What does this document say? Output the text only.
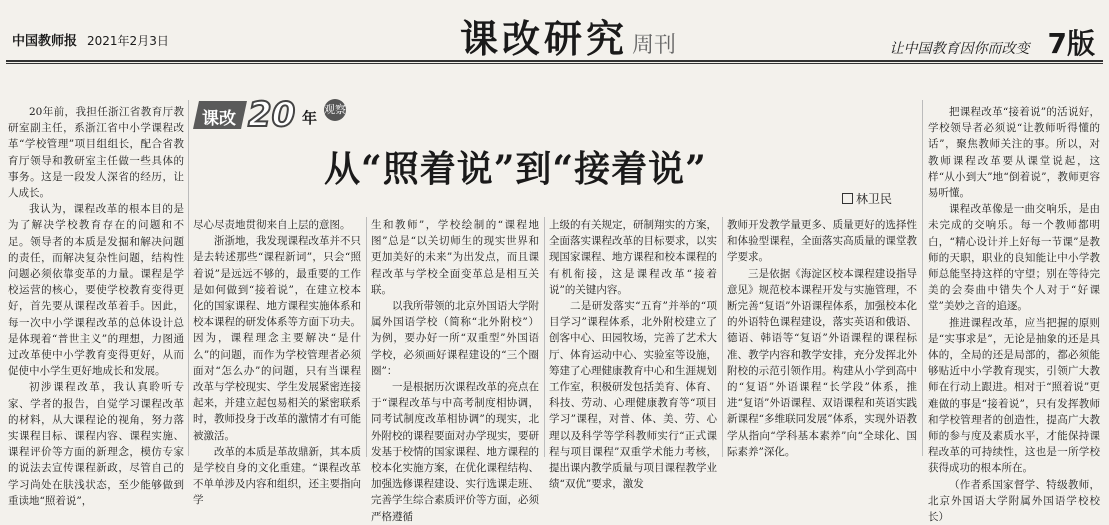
中国教师报 2021年2月3日	课改研究 周刊	让中国教育因你而改变 7版

20年前，我担任浙江省教育厅教研室副主任，系浙江省中小学课程改革“学校管理”项目组组长，配合省教育厅领导和教研室主任做一些具体的事务。这是一段发人深省的经历，让人成长。

我认为，课程改革的根本目的是为了解决学校教育存在的问题和不足。领导者的本质是发掘和解决问题的责任，而解决复杂性问题，结构性问题必须依靠变革的力量。课程是学校运营的核心，要使学校教育变得更好，首先要从课程改革着手。因此，每一次中小学课程改革的总体设计总是体现着“普世主义”的理想，力图通过改革使中小学教育变得更好，从而促使中小学生更好地成长和发展。

初涉课程改革，我认真聆听专家、学者的报告，自觉学习课程改革的材料，从大课程论的视角，努力落实课程目标、课程内容、课程实施、课程评价等方面的新理念，模仿专家的说法去宣传课程新政，尽管自己的学习尚处在肤浅状态，至少能够做到重读地“照着说”，

课改 20 年 观察
从“照着说”到“接着说”
林卫民

尽心尽责地贯彻来自上层的意图。

浙浙地，我发现课程改革并不只是去转述那些“课程新词”，只会“照着说”是远远不够的，最重要的工作是如何做到“接着说”，在建立校本化的国家课程、地方课程实施体系和校本课程的研发体系等方面下功夫。因为，课程理念主要解决“是什么”的问题，而作为学校管理者必须面对“怎么办”的问题，只有当课程改革与学校现实、学生发展紧密连接起来，并建立起包易相关的紧密联系时，教师投身于改革的激情才有可能被激活。

改革的本质是革故鼎新，其本质是学校自身的文化重建。“课程改革不单单涉及内容和组织，还主要指向学

生和教师”，学校绘制的“课程地图”总是“以关切师生的现实世界和更加美好的未来”为出发点，而且课程改革与学校全面变革总是相互关联。

以我所带领的北京外国语大学附属外国语学校（简称“北外附校”）为例，要办好一所“双重型”外国语学校，必须画好课程建设的“三个圈圈”：

一是根据历次课程改革的亮点在于“课程改革与中高考制度相协调，同考试制度改革相协调”的现实，北外附校的课程要面对办学现实，要研发基于校情的国家课程、地方课程的校本化实施方案，在优化课程结构、加强选修课程建设、实行选课走班、完善学生综合素质评价等方面，必须严格遵循

上级的有关规定，研制翔实的方案，全面落实课程改革的目标要求，以实现国家课程、地方课程和校本课程的有机衔接，这是课程改革“接着说”的关键内容。

二是研发落实“五育”并举的“项目学习”课程体系，北外附校建立了创客中心、田园牧场，完善了艺术大厅、体育运动中心、实验室等设施，筹建了心理健康教育中心和生涯规划工作室，积极研发包括美育、体育、科技、劳动、心理健康教育等“项目学习”课程，对普、体、美、劳、心理以及科学等学科教师实行“正式课程与项目课程”双重学术能力考核，提出课内教学质量与项目课程教学业绩“双优”要求，激发

教师开发教学量更多、质量更好的选择性和体验型课程，全面落实高质量的课堂教学要求。

三是依据《海淀区校本课程建设指导意见》规范校本课程开发与实施管理，不断完善“复语”外语课程体系，加强校本化的外语特色课程建设，落实英语和俄语、德语、韩语等“复语”外语课程的课程标准、教学内容和教学安排，充分发挥北外附校的示范引领作用。构建从小学到高中的“复语”外语课程“长学段”体系，推进“复语”外语课程、双语课程和英语实践新课程“多维联同发展”体系，实现外语教学从指向“学科基本素养”向“全球化、国际素养”深化。

把课程改革“接着说”的活说好，学校领导者必须说“让教师听得懂的话”，聚焦教师关注的事。所以，对教师课程改革要从课堂说起，这样“从小到大”地“倒着说”，教师更容易听懂。

课程改革像是一曲交响乐，是由未完成的交响乐。每一个教师都明白，“精心设计并上好每一节课”是教师的天职，职业的良知能让中小学教师总能坚持这样的守望；别在等待完美的会奏曲中错失个人对于“好课堂”美妙之音的追逐。

推进课程改革，应当把握的原则是“实事求是”，无论是抽象的还是具体的，全局的还是局部的，都必须能够贴近中小学教育现实，引领广大教师在行动上跟进。相对于“照着说”更难做的事是“接着说”，只有发挥教师和学校管理者的创造性，提高广大教师的参与度及素质水平，才能保持课程改革的可持续性，这也是一所学校获得成功的根本所在。

（作者系国家督学、特级教师，北京外国语大学附属外国语学校校长）
